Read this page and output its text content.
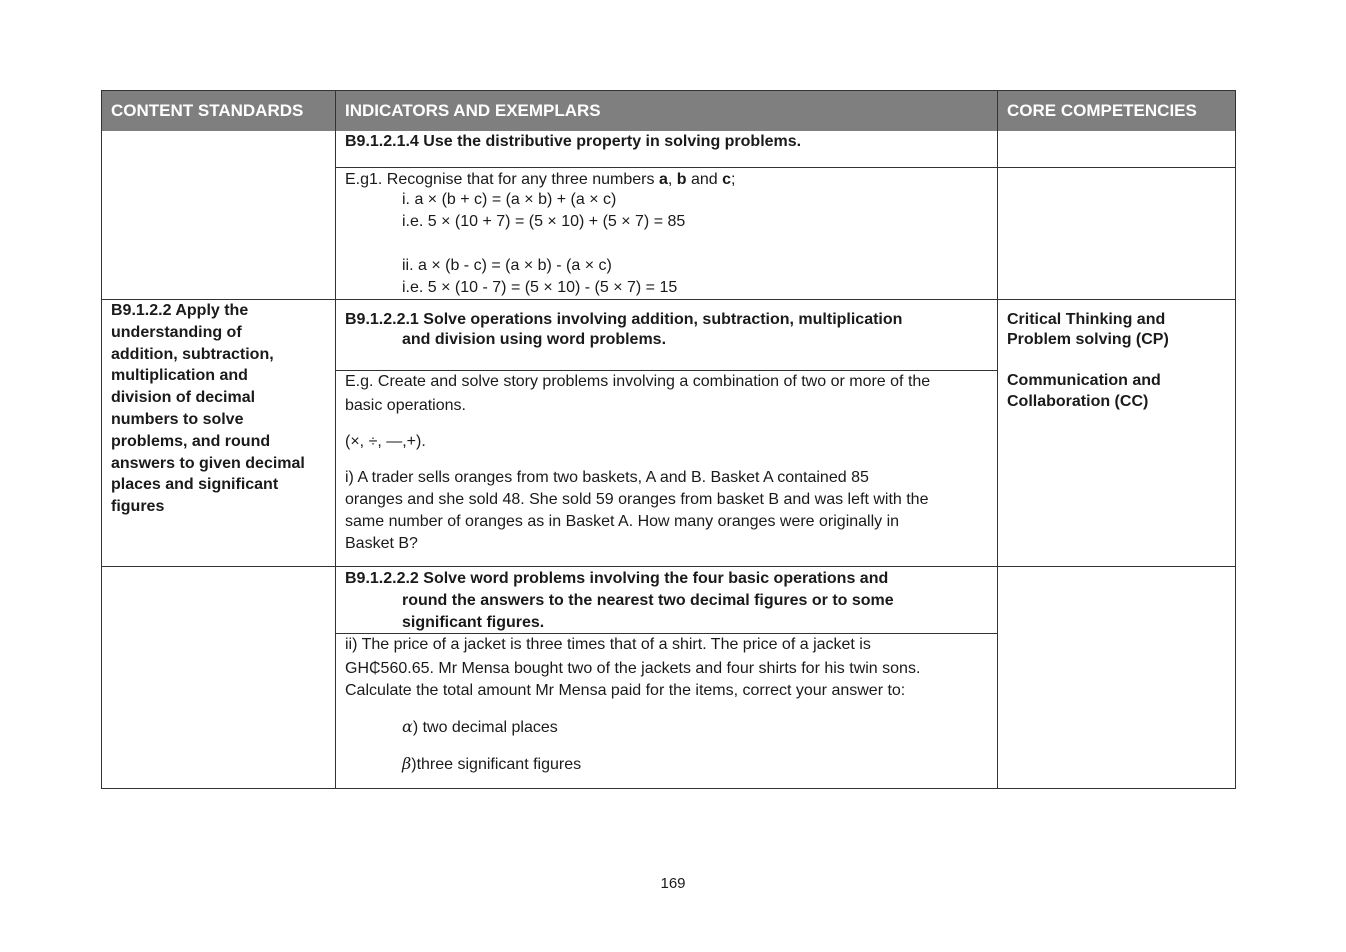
CONTENT STANDARDS	INDICATORS AND EXEMPLARS	CORE COMPETENCIES
B9.1.2.1.4 Use the distributive property in solving problems.
E.g1. Recognise that for any three numbers a, b and c;
i. a × (b + c) = (a × b) + (a × c)
i.e. 5 × (10 + 7) = (5 × 10) + (5 × 7) = 85
ii. a × (b - c) = (a × b) - (a × c)
i.e. 5 × (10 - 7) = (5 × 10) - (5 × 7) = 15
B9.1.2.2 Apply the
understanding of
addition, subtraction,
multiplication and
division of decimal
numbers to solve
problems, and round
answers to given decimal
places and significant
figures
B9.1.2.2.1 Solve operations involving addition, subtraction, multiplication
and division using word problems.
Critical Thinking and
Problem solving (CP)
Communication and
Collaboration (CC)
E.g. Create and solve story problems involving a combination of two or more of the
basic operations.
(×, ÷, —,+).
i) A trader sells oranges from two baskets, A and B. Basket A contained 85
oranges and she sold 48. She sold 59 oranges from basket B and was left with the
same number of oranges as in Basket A. How many oranges were originally in
Basket B?
B9.1.2.2.2 Solve word problems involving the four basic operations and
round the answers to the nearest two decimal figures or to some
significant figures.
ii) The price of a jacket is three times that of a shirt. The price of a jacket is
GH₵560.65. Mr Mensa bought two of the jackets and four shirts for his twin sons.
Calculate the total amount Mr Mensa paid for the items, correct your answer to:
α) two decimal places
β)three significant figures
169
